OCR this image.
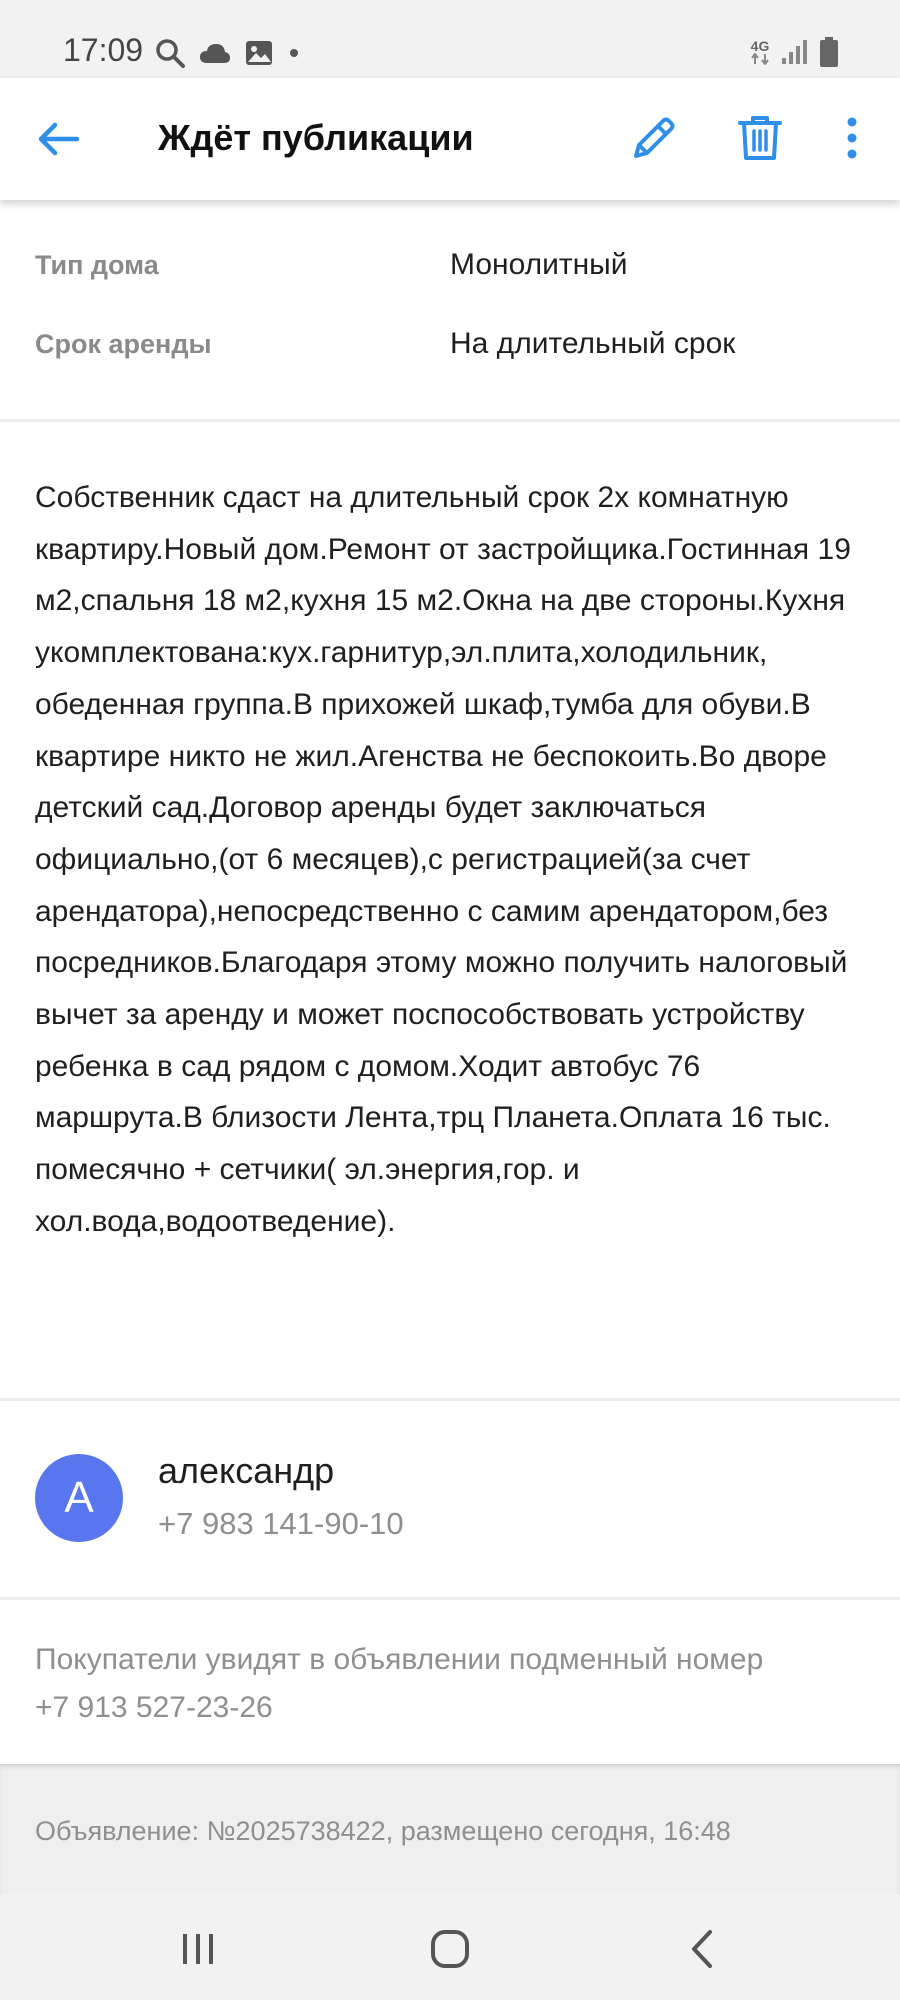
17:09	4G
Ждёт публикации
Тип дома	Монолитный
Срок аренды	На длительный срок
Собственник сдаст на длительный срок 2х комнатную квартиру.Новый дом.Ремонт от застройщика.Гостинная 19 м2,спальня 18 м2,кухня 15 м2.Окна на две стороны.Кухня укомплектована:кух.гарнитур,эл.плита,холодильник, обеденная группа.В прихожей шкаф,тумба для обуви.В квартире никто не жил.Агенства не беспокоить.Во дворе детский сад.Договор аренды будет заключаться официально,(от 6 месяцев),с регистрацией(за счет арендатора),непосредственно с самим арендатором,без посредников.Благодаря этому можно получить налоговый вычет за аренду и может поспособствовать устройству ребенка в сад рядом с домом.Ходит автобус 76 маршрута.В близости Лента,трц Планета.Оплата 16 тыс. помесячно + сетчики( эл.энергия,гор. и хол.вода,водоотведение).
А
александр
+7 983 141-90-10
Покупатели увидят в объявлении подменный номер
+7 913 527-23-26
Объявление: №2025738422, размещено сегодня, 16:48
